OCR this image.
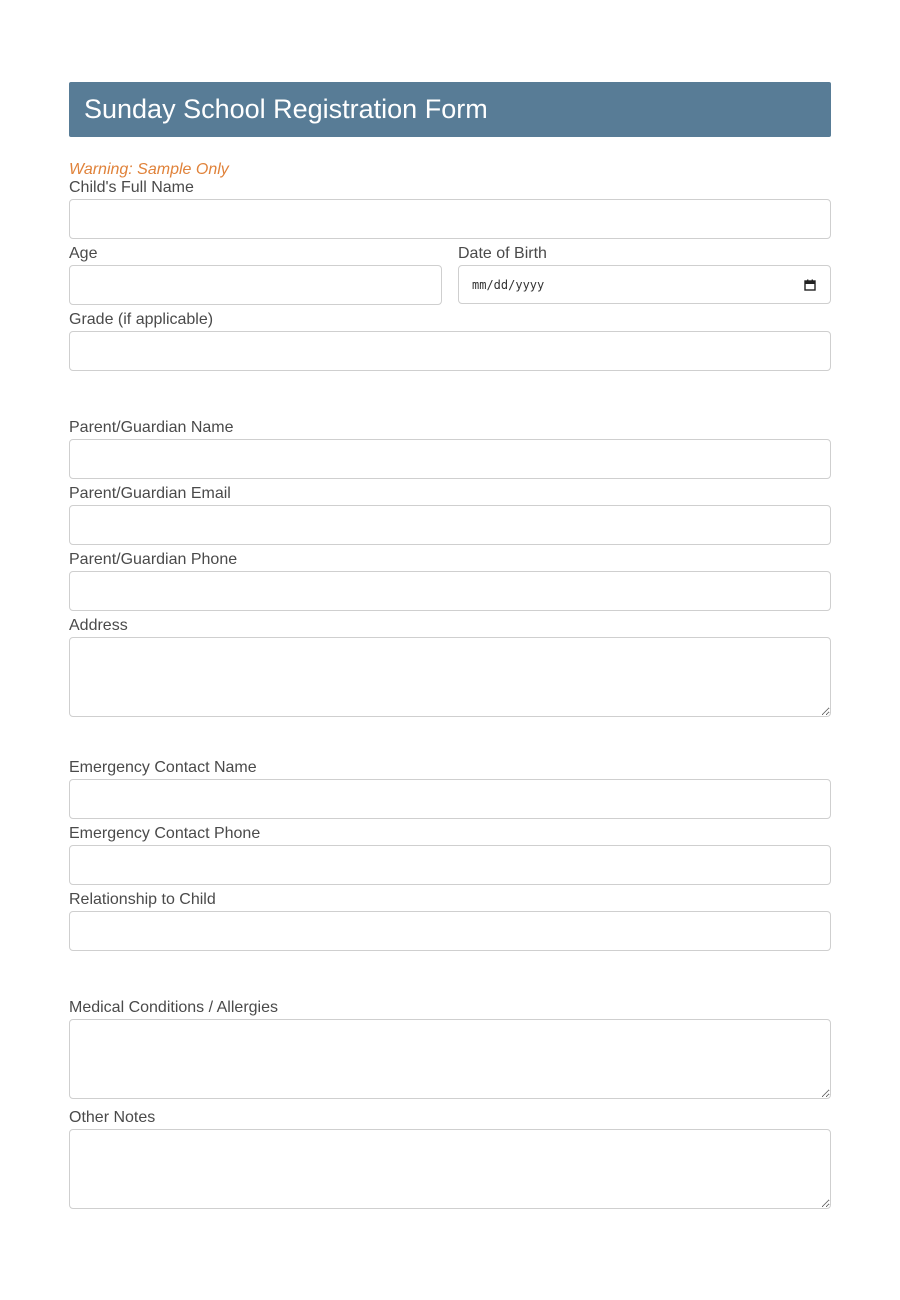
Sunday School Registration Form
Warning: Sample Only
Child's Full Name
Age	Date of Birth
mm/dd/yyyy
Grade (if applicable)
Parent/Guardian Name
Parent/Guardian Email
Parent/Guardian Phone
Address
Emergency Contact Name
Emergency Contact Phone
Relationship to Child
Medical Conditions / Allergies
Other Notes
